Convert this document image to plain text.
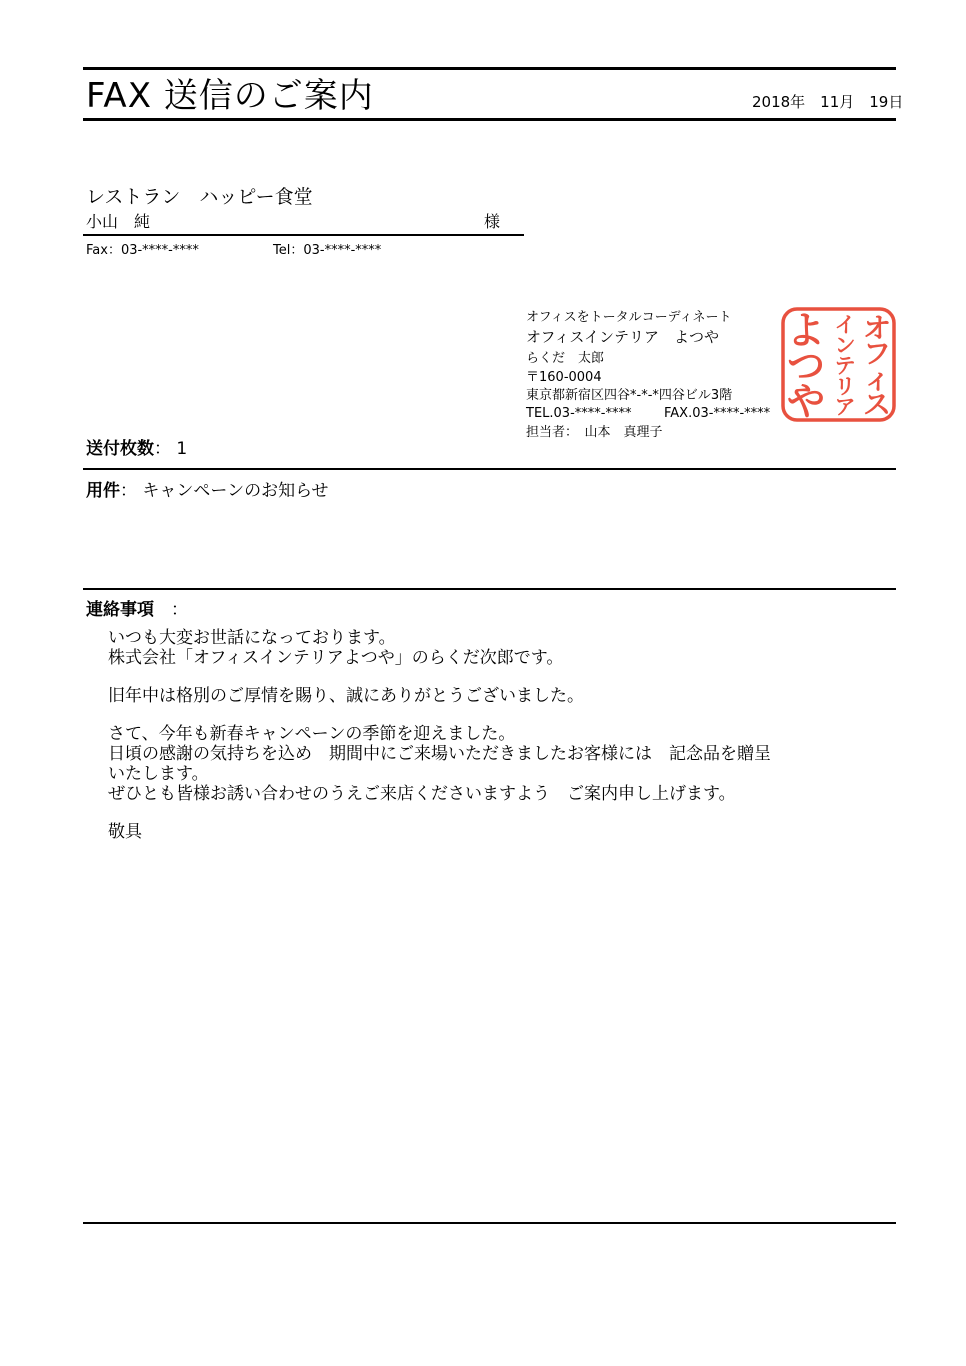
FAX 送信のご案内	2018年　11月　19日
レストラン　ハッピー食堂
小山　純	様
Fax：03-****-****	Tel：03-****-****
オフィスをトータルコーディネート
オフィスインテリア　よつや
らくだ　太郎
〒160-0004
東京都新宿区四谷*-*-*四谷ビル3階
TEL.03-****-****	FAX.03-****-****
担当者：　山本　真理子
オ
フ
ィ
ス
イ
ン
テ
リ
ア
よ
つ
や
送付枚数： 1
用件： キャンペーンのお知らせ
連絡事項　：

いつも大変お世話になっております。

株式会社「オフィスインテリアよつや」のらくだ次郎です。

旧年中は格別のご厚情を賜り、誠にありがとうございました。

さて、今年も新春キャンペーンの季節を迎えました。

日頃の感謝の気持ちを込め　期間中にご来場いただきましたお客様には　記念品を贈呈

いたします。

ぜひとも皆様お誘い合わせのうえご来店くださいますよう　ご案内申し上げます。

敬具
